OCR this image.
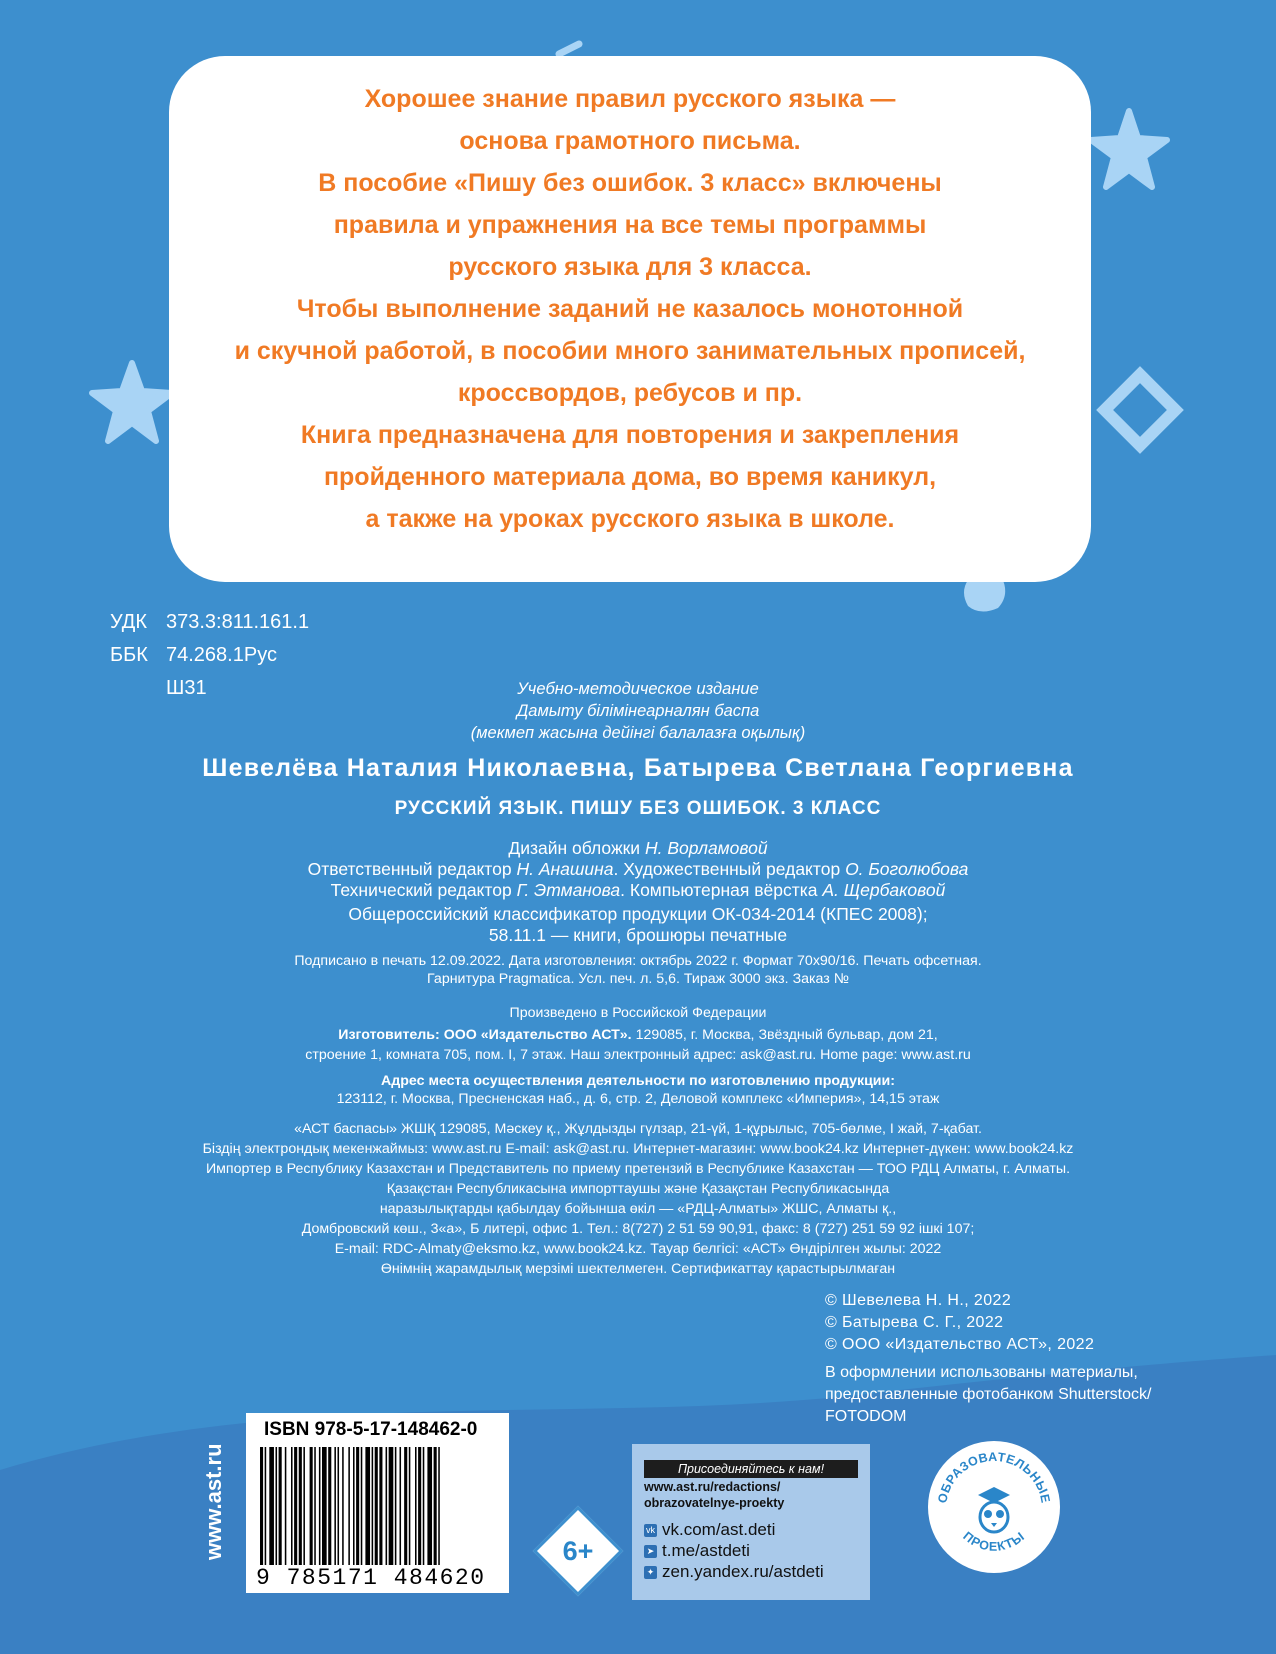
Хорошее знание правил русского языка —
основа грамотного письма.
В пособие «Пишу без ошибок. 3 класс» включены
правила и упражнения на все темы программы
русского языка для 3 класса.
Чтобы выполнение заданий не казалось монотонной
и скучной работой, в пособии много занимательных прописей,
кроссвордов, ребусов и пр.
Книга предназначена для повторения и закрепления
пройденного материала дома, во время каникул,
а также на уроках русского языка в школе.
УДК 373.3:811.161.1
ББК 74.268.1Рус
Ш31	Учебно-методическое издание
Дамыту білімінеарналян баспа
(мекмеп жасына дейінгі балалазға оқылық)
Шевелёва Наталия Николаевна, Батырева Светлана Георгиевна
РУССКИЙ ЯЗЫК. ПИШУ БЕЗ ОШИБОК. 3 КЛАСС
Дизайн обложки Н. Ворламовой
Ответственный редактор Н. Анашина. Художественный редактор О. Боголюбова
Технический редактор Г. Этманова. Компьютерная вёрстка А. Щербаковой
Общероссийский классификатор продукции ОК-034-2014 (КПЕС 2008);
58.11.1 — книги, брошюры печатные
Подписано в печать 12.09.2022. Дата изготовления: октябрь 2022 г. Формат 70х90/16. Печать офсетная.
Гарнитура Pragmatica. Усл. печ. л. 5,6. Тираж 3000 экз. Заказ №
Произведено в Российской Федерации
Изготовитель: ООО «Издательство АСТ». 129085, г. Москва, Звёздный бульвар, дом 21,
строение 1, комната 705, пом. I, 7 этаж. Наш электронный адрес: ask@ast.ru. Home page: www.ast.ru
Адрес места осуществления деятельности по изготовлению продукции:
123112, г. Москва, Пресненская наб., д. 6, стр. 2, Деловой комплекс «Империя», 14,15 этаж
«АСТ баспасы» ЖШҚ 129085, Мәскеу қ., Жұлдызды гүлзар, 21-үй, 1-құрылыс, 705-бөлме, I жай, 7-қабат.
Біздің электрондық мекенжаймыз: www.ast.ru E-mail: ask@ast.ru. Интернет-магазин: www.book24.kz Интернет-дүкен: www.book24.kz
Импортер в Республику Казахстан и Представитель по приему претензий в Республике Казахстан — ТОО РДЦ Алматы, г. Алматы.
Қазақстан Республикасына импорттаушы және Қазақстан Республикасында
наразылықтарды қабылдау бойынша өкіл — «РДЦ-Алматы» ЖШС, Алматы қ.,
Домбровский көш., 3«а», Б литері, офис 1. Тел.: 8(727) 2 51 59 90,91, факс: 8 (727) 251 59 92 ішкі 107;
E-mail: RDC-Almaty@eksmo.kz, www.book24.kz. Тауар белгісі: «АСТ» Өндірілген жылы: 2022
Өнімнің жарамдылық мерзімі шектелмеген. Сертификаттау қарастырылмаған
© Шевелева Н. Н., 2022
© Батырева С. Г., 2022
© ООО «Издательство АСТ», 2022
В оформлении использованы материалы,
предоставленные фотобанком Shutterstock/
FOTODOM
www.ast.ru
ISBN 978-5-17-148462-0
9 785171 484620
6+
Присоединяйтесь к нам!
www.ast.ru/redactions/
obrazovatelnye-proekty
vk vk.com/ast.deti
➤ t.me/astdeti
✦ zen.yandex.ru/astdeti
ОБРАЗОВАТЕЛЬНЫЕ
ПРОЕКТЫ
